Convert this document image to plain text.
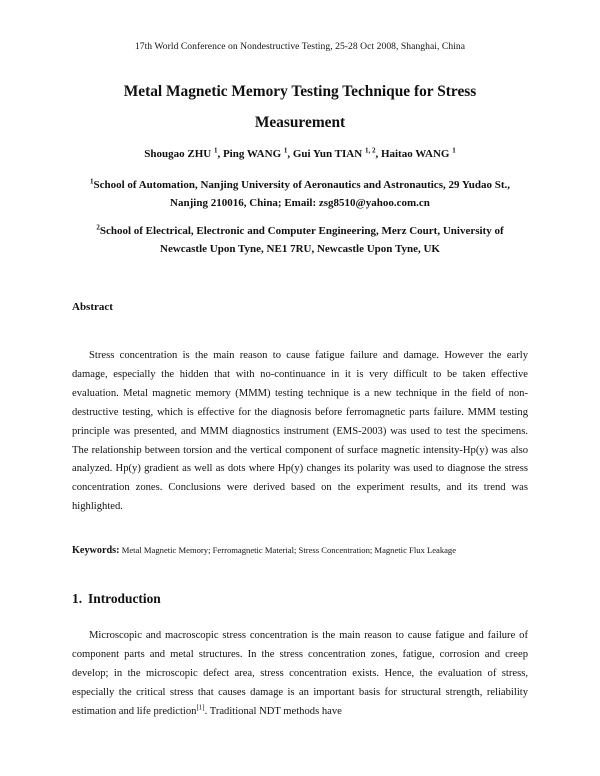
17th World Conference on Nondestructive Testing, 25-28 Oct 2008, Shanghai, China
Metal Magnetic Memory Testing Technique for Stress
Measurement
Shougao ZHU $^1$, Ping WANG $^1$, Gui Yun TIAN $^{1, 2}$, Haitao WANG $^1$
$^1$School of Automation, Nanjing University of Aeronautics and Astronautics, 29 Yudao St.,
Nanjing 210016, China; Email: zsg8510@yahoo.com.cn
$^2$School of Electrical, Electronic and Computer Engineering, Merz Court, University of
Newcastle Upon Tyne, NE1 7RU, Newcastle Upon Tyne, UK
Abstract

Stress concentration is the main reason to cause fatigue failure and damage. However the early damage, especially the hidden that with no-continuance in it is very difficult to be taken effective evaluation. Metal magnetic memory (MMM) testing technique is a new technique in the field of non-destructive testing, which is effective for the diagnosis before ferromagnetic parts failure. MMM testing principle was presented, and MMM diagnostics instrument (EMS-2003) was used to test the specimens. The relationship between torsion and the vertical component of surface magnetic intensity-Hp(y) was also analyzed. Hp(y) gradient as well as dots where Hp(y) changes its polarity was used to diagnose the stress concentration zones. Conclusions were derived based on the experiment results, and its trend was highlighted.

Keywords: Metal Magnetic Memory; Ferromagnetic Material; Stress Concentration; Magnetic Flux Leakage
1. Introduction

Microscopic and macroscopic stress concentration is the main reason to cause fatigue and failure of component parts and metal structures. In the stress concentration zones, fatigue, corrosion and creep develop; in the microscopic defect area, stress concentration exists. Hence, the evaluation of stress, especially the critical stress that causes damage is an important basis for structural strength, reliability estimation and life prediction[1]. Traditional NDT methods have
